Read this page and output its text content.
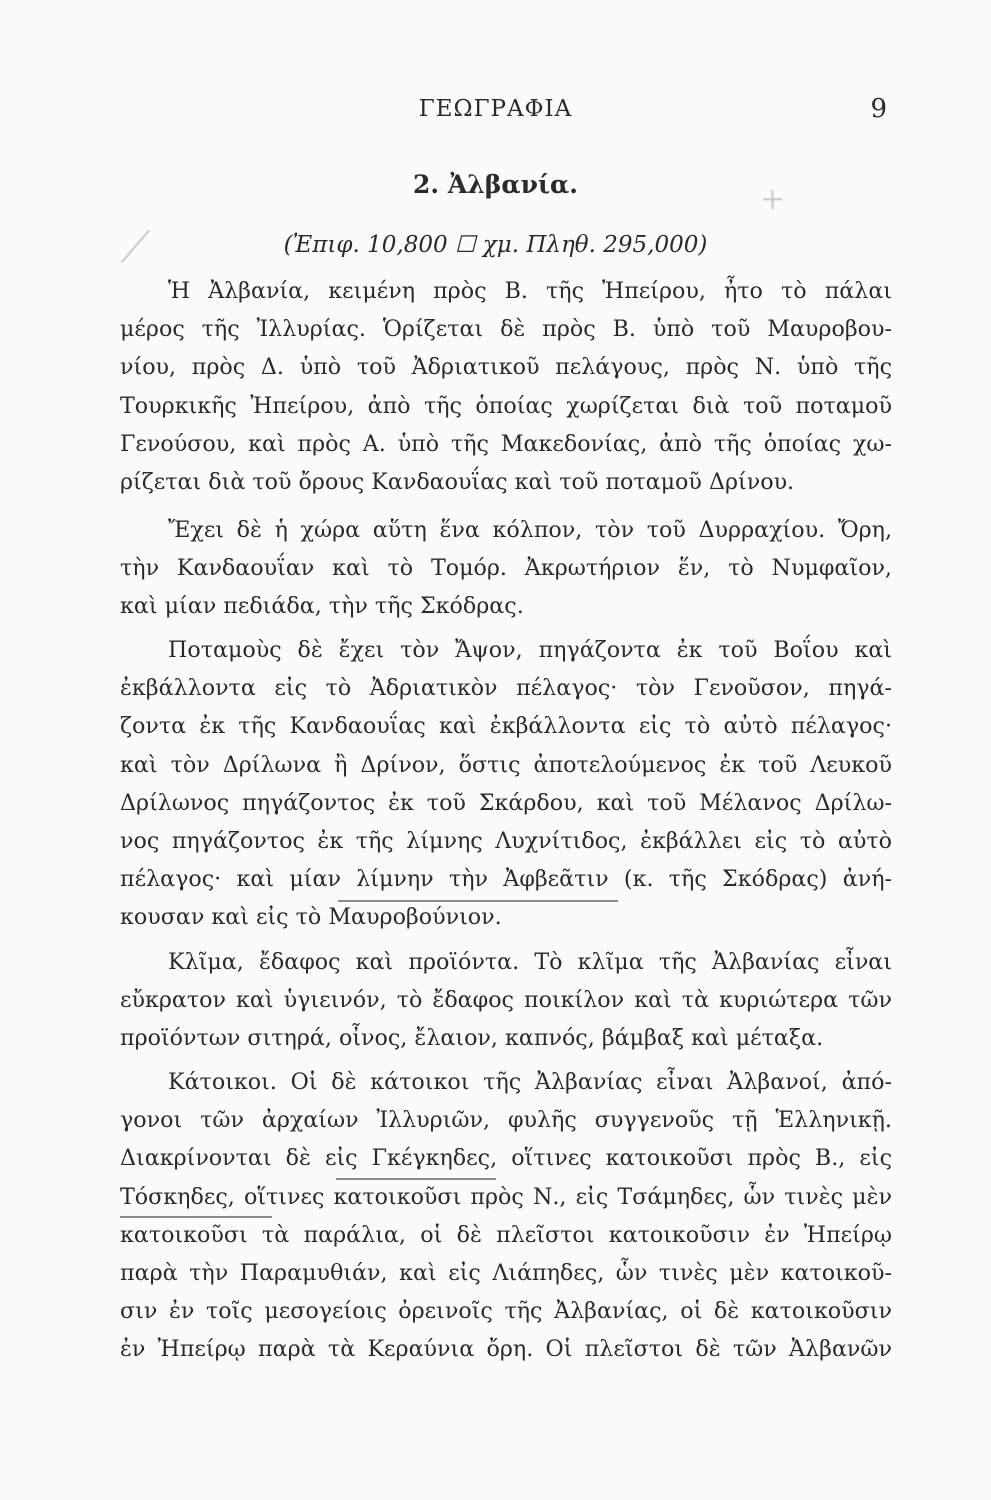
ΓΕΩΓΡΑΦΙΑ	9
⟋
+
2. Ἀλβανία.
(Ἐπιφ. 10,800 ☐ χμ. Πληθ. 295,000)
Ἡ Ἀλβανία, κειμένη πρὸς Β. τῆς Ἠπείρου, ἦτο τὸ πάλαι
μέρος τῆς Ἰλλυρίας. Ὁρίζεται δὲ πρὸς Β. ὑπὸ τοῦ Μαυροβου-
νίου, πρὸς Δ. ὑπὸ τοῦ Ἀδριατικοῦ πελάγους, πρὸς Ν. ὑπὸ τῆς
Τουρκικῆς Ἠπείρου, ἀπὸ τῆς ὁποίας χωρίζεται διὰ τοῦ ποταμοῦ
Γενούσου, καὶ πρὸς Α. ὑπὸ τῆς Μακεδονίας, ἀπὸ τῆς ὁποίας χω-
ρίζεται διὰ τοῦ ὄρους Κανδαουΐας καὶ τοῦ ποταμοῦ Δρίνου.
Ἔχει δὲ ἡ χώρα αὕτη ἕνα κόλπον, τὸν τοῦ Δυρραχίου. Ὄρη,
τὴν Κανδαουΐαν καὶ τὸ Τομόρ. Ἀκρωτήριον ἕν, τὸ Νυμφαῖον,
καὶ μίαν πεδιάδα, τὴν τῆς Σκόδρας.
Ποταμοὺς δὲ ἔχει τὸν Ἄψον, πηγάζοντα ἐκ τοῦ Βοΐου καὶ
ἐκβάλλοντα εἰς τὸ Ἀδριατικὸν πέλαγος· τὸν Γενοῦσον, πηγά-
ζοντα ἐκ τῆς Κανδαουΐας καὶ ἐκβάλλοντα εἰς τὸ αὐτὸ πέλαγος·
καὶ τὸν Δρίλωνα ἢ Δρίνον, ὅστις ἀποτελούμενος ἐκ τοῦ Λευκοῦ
Δρίλωνος πηγάζοντος ἐκ τοῦ Σκάρδου, καὶ τοῦ Μέλανος Δρίλω-
νος πηγάζοντος ἐκ τῆς λίμνης Λυχνίτιδος, ἐκβάλλει εἰς τὸ αὐτὸ
πέλαγος· καὶ μίαν λίμνην τὴν Ἀφβεᾶτιν (κ. τῆς Σκόδρας) ἀνή-
κουσαν καὶ εἰς τὸ Μαυροβούνιον.
Κλῖμα, ἔδαφος καὶ προϊόντα. Τὸ κλῖμα τῆς Ἀλβανίας εἶναι
εὔκρατον καὶ ὑγιεινόν, τὸ ἔδαφος ποικίλον καὶ τὰ κυριώτερα τῶν
προϊόντων σιτηρά, οἶνος, ἔλαιον, καπνός, βάμβαξ καὶ μέταξα.
Κάτοικοι. Οἱ δὲ κάτοικοι τῆς Ἀλβανίας εἶναι Ἀλβανοί, ἀπό-
γονοι τῶν ἀρχαίων Ἰλλυριῶν, φυλῆς συγγενοῦς τῇ Ἑλληνικῇ.
Διακρίνονται δὲ εἰς Γκέγκηδες, οἵτινες κατοικοῦσι πρὸς Β., εἰς
Τόσκηδες, οἵτινες κατοικοῦσι πρὸς Ν., εἰς Τσάμηδες, ὧν τινὲς μὲν
κατοικοῦσι τὰ παράλια, οἱ δὲ πλεῖστοι κατοικοῦσιν ἐν Ἠπείρῳ
παρὰ τὴν Παραμυθιάν, καὶ εἰς Λιάπηδες, ὧν τινὲς μὲν κατοικοῦ-
σιν ἐν τοῖς μεσογείοις ὀρεινοῖς τῆς Ἀλβανίας, οἱ δὲ κατοικοῦσιν
ἐν Ἠπείρῳ παρὰ τὰ Κεραύνια ὄρη. Οἱ πλεῖστοι δὲ τῶν Ἀλβανῶν
